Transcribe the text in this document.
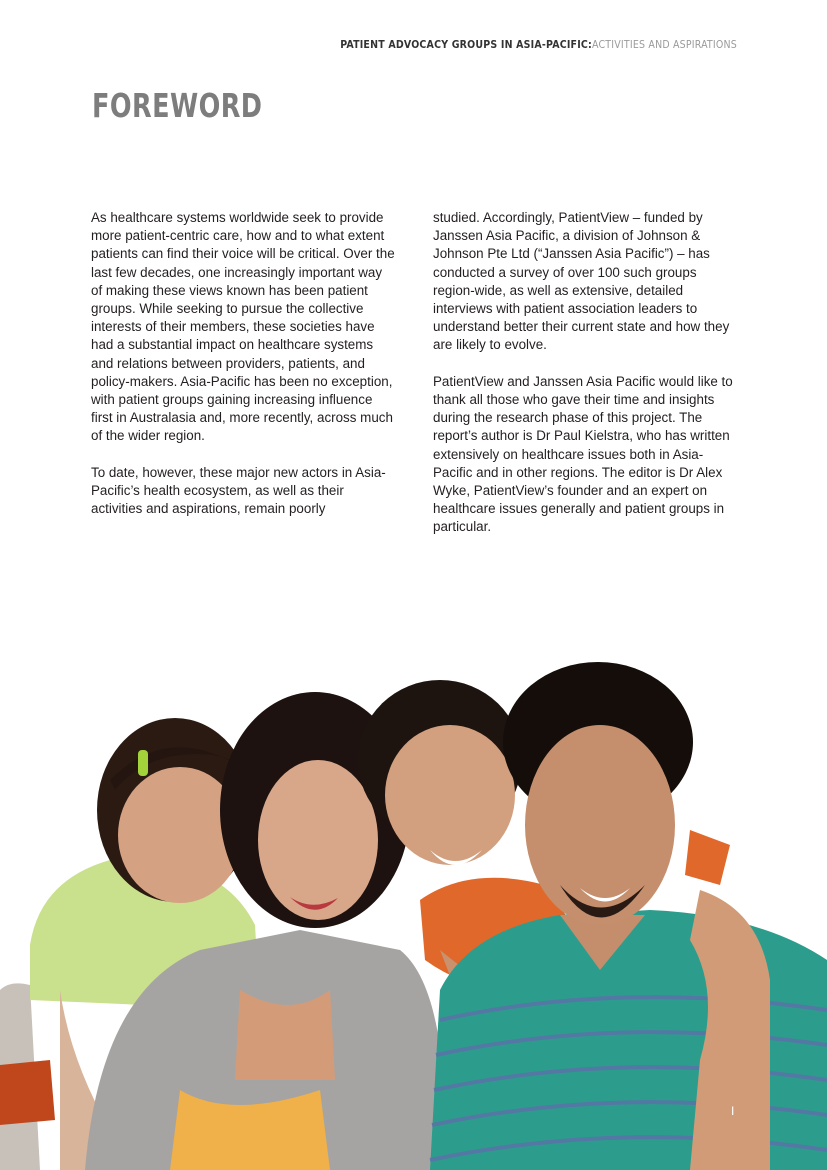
PATIENT ADVOCACY GROUPS IN ASIA-PACIFIC:ACTIVITIES AND ASPIRATIONS
FOREWORD

As healthcare systems worldwide seek to provide more patient-centric care, how and to what extent patients can find their voice will be critical. Over the last few decades, one increasingly important way of making these views known has been patient groups. While seeking to pursue the collective interests of their members, these societies have had a substantial impact on healthcare systems and relations between providers, patients, and policy-makers. Asia-Pacific has been no exception, with patient groups gaining increasing influence first in Australasia and, more recently, across much of the wider region.

To date, however, these major new actors in Asia-Pacific’s health ecosystem, as well as their activities and aspirations, remain poorly

studied. Accordingly, PatientView – funded by Janssen Asia Pacific, a division of Johnson & Johnson Pte Ltd (“Janssen Asia Pacific”) – has conducted a survey of over 100 such groups region-wide, as well as extensive, detailed interviews with patient association leaders to understand better their current state and how they are likely to evolve.

PatientView and Janssen Asia Pacific would like to thank all those who gave their time and insights during the research phase of this project. The report’s author is Dr Paul Kielstra, who has written extensively on healthcare issues both in Asia-Pacific and in other regions. The editor is Dr Alex Wyke, PatientView’s founder and an expert on healthcare issues generally and patient groups in particular.

I
